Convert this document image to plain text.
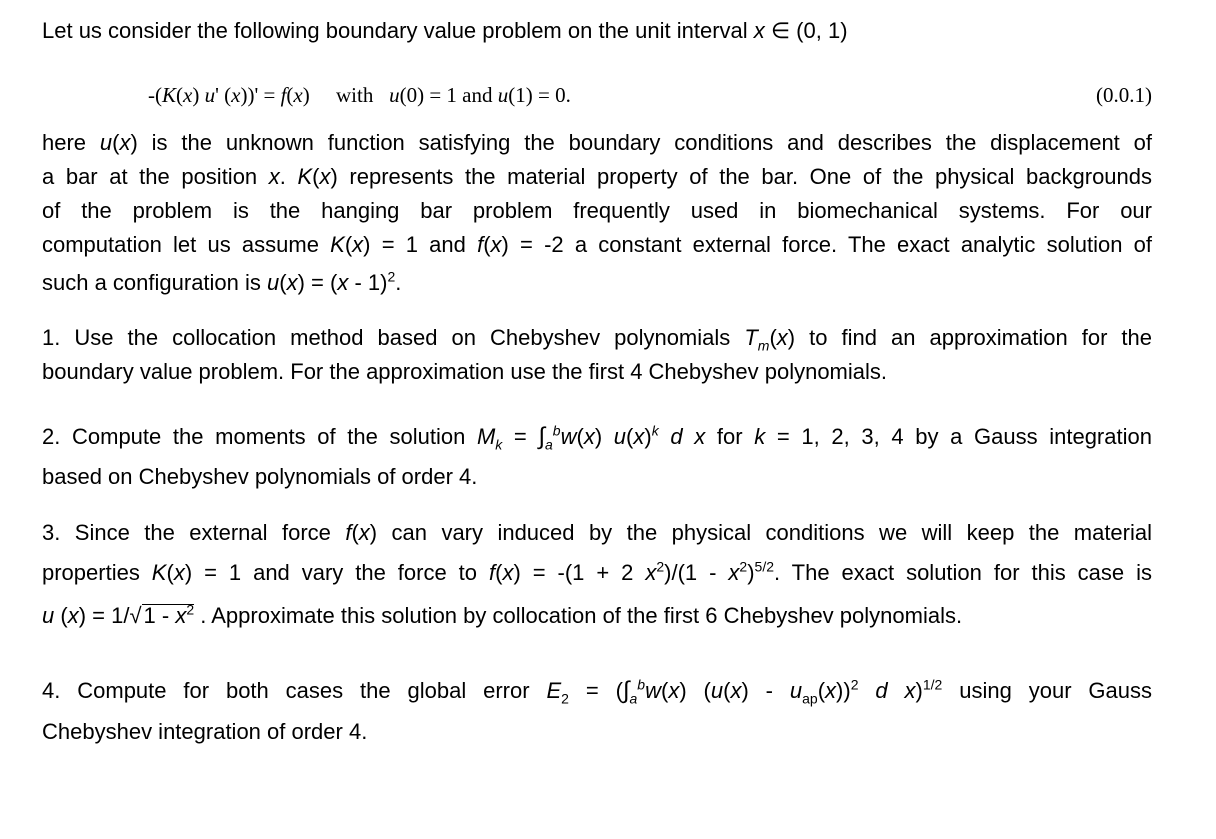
Let us consider the following boundary value problem on the unit interval x ∈ (0, 1)

-(K(x) u' (x))' = f(x)     with   u(0) = 1 and u(1) = 0.	(0.0.1)
here u(x) is the unknown function satisfying the boundary conditions and describes the displacement of
a bar at the position x. K(x) represents the material property of the bar. One of the physical backgrounds
of the problem is the hanging bar problem frequently used in biomechanical systems. For our
computation let us assume K(x) = 1 and f(x) = -2 a constant external force. The exact analytic solution of
such a configuration is u(x) = (x - 1)$^2$.
1. Use the collocation method based on Chebyshev polynomials $T_m(x)$ to find an approximation for the
boundary value problem. For the approximation use the first 4 Chebyshev polynomials.
2. Compute the moments of the solution $M_k = \int_a^bw(x)$ $u(x)^k$ d x for k = 1, 2, 3, 4 by a Gauss integration
based on Chebyshev polynomials of order 4.
3. Since the external force f(x) can vary induced by the physical conditions we will keep the material
properties K(x) = 1 and vary the force to f(x) = -(1 + 2 $x^2)/(1 - x^2)^{5/2}$. The exact solution for this case is
u $(x) = 1/√1 - x^2$ . Approximate this solution by collocation of the first 6 Chebyshev polynomials.
4. Compute for both cases the global error $E_2 = (\int_a^bw(x)$ $(u(x) - u_{ap}(x))^2$ d x)$^{1/2}$ using your Gauss
Chebyshev integration of order 4.
